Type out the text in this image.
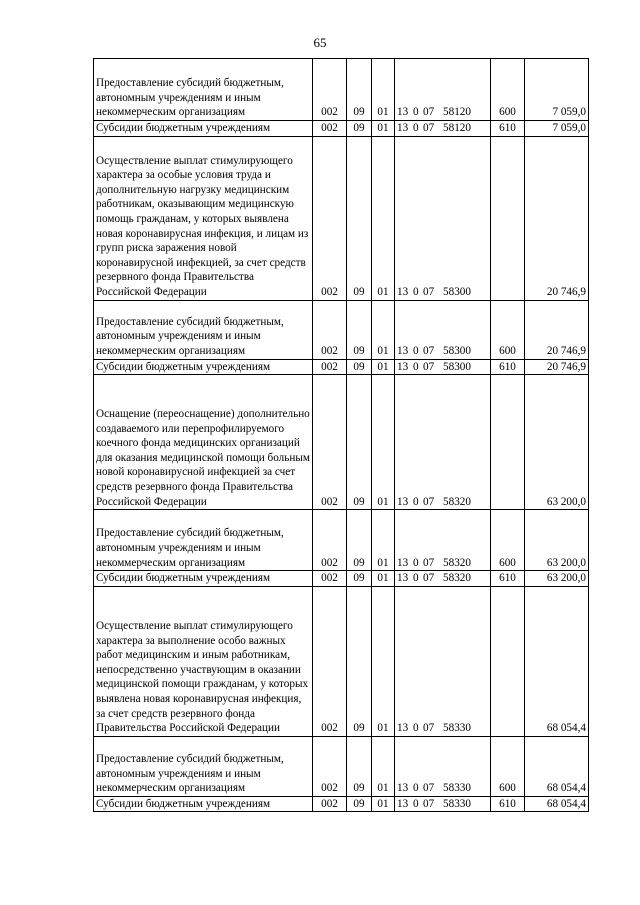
65
Предоставление субсидий бюджетным, автономным учреждениям и иным некоммерческим организациям	002	09	01	13 0 07 58120	600	7 059,0
Субсидии бюджетным учреждениям	002	09	01	13 0 07 58120	610	7 059,0
Осуществление выплат стимулирующего характера за особые условия труда и дополнительную нагрузку медицинским работникам, оказывающим медицинскую помощь гражданам, у которых выявлена новая коронавирусная инфекция, и лицам из групп риска заражения новой коронавирусной инфекцией, за счет средств резервного фонда Правительства Российской Федерации	002	09	01	13 0 07 58300		20 746,9
Предоставление субсидий бюджетным, автономным учреждениям и иным некоммерческим организациям	002	09	01	13 0 07 58300	600	20 746,9
Субсидии бюджетным учреждениям	002	09	01	13 0 07 58300	610	20 746,9
Оснащение (переоснащение) дополнительно создаваемого или перепрофилируемого коечного фонда медицинских организаций для оказания медицинской помощи больным новой коронавирусной инфекцией за счет средств резервного фонда Правительства Российской Федерации	002	09	01	13 0 07 58320		63 200,0
Предоставление субсидий бюджетным, автономным учреждениям и иным некоммерческим организациям	002	09	01	13 0 07 58320	600	63 200,0
Субсидии бюджетным учреждениям	002	09	01	13 0 07 58320	610	63 200,0
Осуществление выплат стимулирующего характера за выполнение особо важных работ медицинским и иным работникам, непосредственно участвующим в оказании медицинской помощи гражданам, у которых выявлена новая коронавирусная инфекция, за счет средств резервного фонда Правительства Российской Федерации	002	09	01	13 0 07 58330		68 054,4
Предоставление субсидий бюджетным, автономным учреждениям и иным некоммерческим организациям	002	09	01	13 0 07 58330	600	68 054,4
Субсидии бюджетным учреждениям	002	09	01	13 0 07 58330	610	68 054,4
